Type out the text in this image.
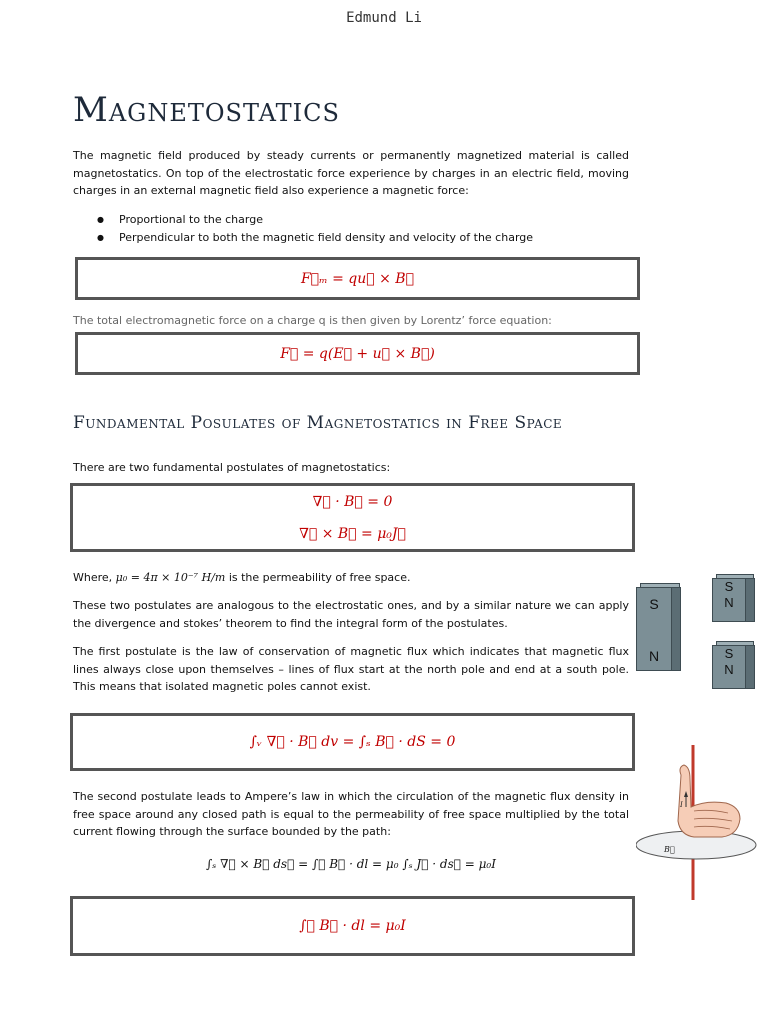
Edmund Li
Magnetostatics
The magnetic field produced by steady currents or permanently magnetized material is called magnetostatics. On top of the electrostatic force experience by charges in an electric field, moving charges in an external magnetic field also experience a magnetic force:
● Proportional to the charge
● Perpendicular to both the magnetic field density and velocity of the charge
F⃗ₘ = qu⃗ × B⃗
The total electromagnetic force on a charge q is then given by Lorentz’ force equation:
F⃗ = q(E⃗ + u⃗ × B⃗)
Fundamental Posulates of Magnetostatics in Free Space
There are two fundamental postulates of magnetostatics:
∇⃗ · B⃗ = 0
∇⃗ × B⃗ = μ₀J⃗
Where, μ₀ = 4π × 10⁻⁷ H/m is the permeability of free space.
These two postulates are analogous to the electrostatic ones, and by a similar nature we can apply the divergence and stokes’ theorem to find the integral form of the postulates.
The first postulate is the law of conservation of magnetic flux which indicates that magnetic flux lines always close upon themselves – lines of flux start at the north pole and end at a south pole. This means that isolated magnetic poles cannot exist.
∫ᵥ ∇⃗ · B⃗ dv = ∫ₛ B⃗ · dS = 0
The second postulate leads to Ampere’s law in which the circulation of the magnetic flux density in free space around any closed path is equal to the permeability of free space multiplied by the total current flowing through the surface bounded by the path:
∫ₛ ∇⃗ × B⃗ ds⃗ = ∫꜀ B⃗ · dl = μ₀ ∫ₛ J⃗ · ds⃗ = μ₀I
∫꜀ B⃗ · dl = μ₀I
S
N
S
N
S
N
B⃗
I
